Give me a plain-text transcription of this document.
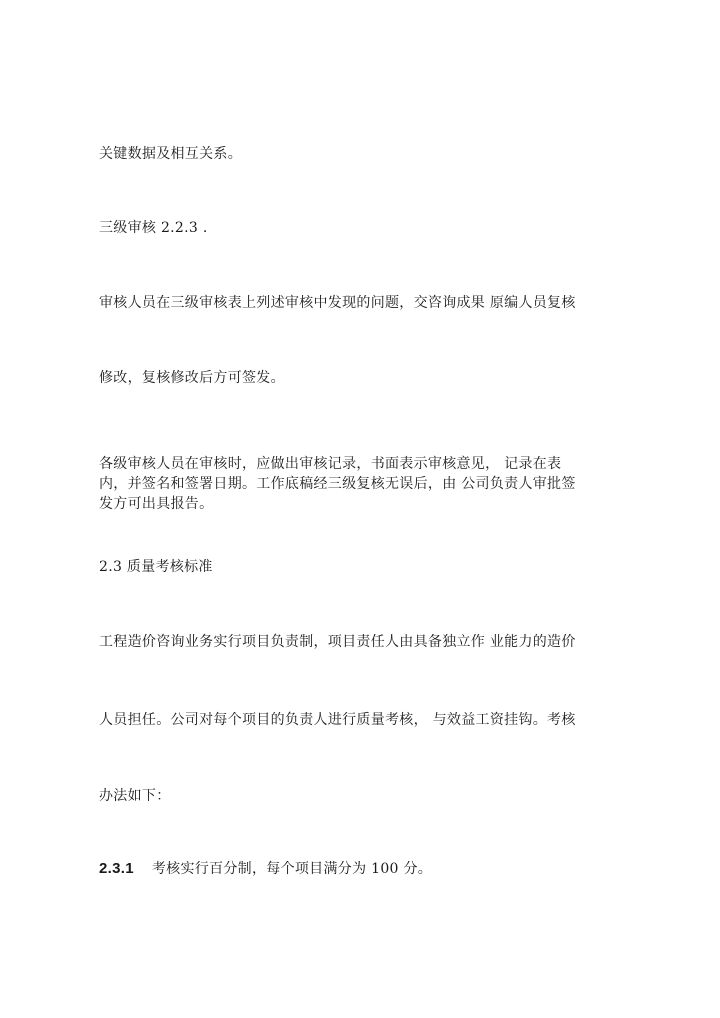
关键数据及相互关系。
三级审核 2.2.3 .
审核人员在三级审核表上列述审核中发现的问题，交咨询成果 原编人员复核
修改，复核修改后方可签发。
各级审核人员在审核时，应做出审核记录，书面表示审核意见， 记录在表
内，并签名和签署日期。工作底稿经三级复核无误后，由 公司负责人审批签
发方可出具报告。
2.3 质量考核标准
工程造价咨询业务实行项目负责制，项目责任人由具备独立作 业能力的造价
人员担任。公司对每个项目的负责人进行质量考核， 与效益工资挂钩。考核
办法如下：
2.3.1 考核实行百分制，每个项目满分为 100 分。
